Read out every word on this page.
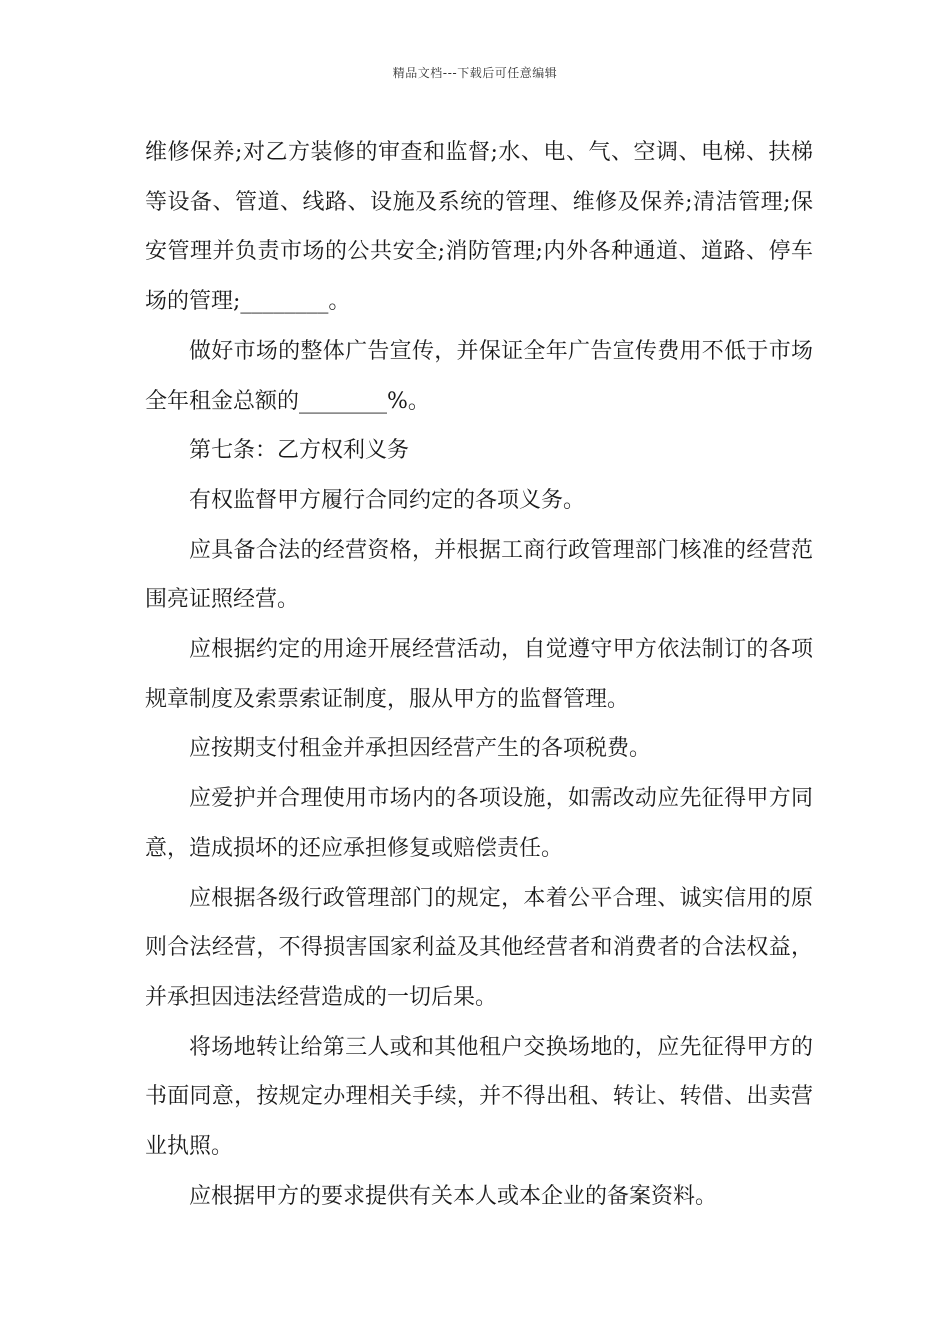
精品文档---下载后可任意编辑

维修保养;对乙方装修的审查和监督;水、电、气、空调、电梯、扶梯等设备、管道、线路、设施及系统的管理、维修及保养;清洁管理;保安管理并负责市场的公共安全;消防管理;内外各种通道、道路、停车场的管理;________。

做好市场的整体广告宣传，并保证全年广告宣传费用不低于市场全年租金总额的________%。

第七条：乙方权利义务

有权监督甲方履行合同约定的各项义务。

应具备合法的经营资格，并根据工商行政管理部门核准的经营范围亮证照经营。

应根据约定的用途开展经营活动，自觉遵守甲方依法制订的各项规章制度及索票索证制度，服从甲方的监督管理。

应按期支付租金并承担因经营产生的各项税费。

应爱护并合理使用市场内的各项设施，如需改动应先征得甲方同意，造成损坏的还应承担修复或赔偿责任。

应根据各级行政管理部门的规定，本着公平合理、诚实信用的原则合法经营，不得损害国家利益及其他经营者和消费者的合法权益，并承担因违法经营造成的一切后果。

将场地转让给第三人或和其他租户交换场地的，应先征得甲方的书面同意，按规定办理相关手续，并不得出租、转让、转借、出卖营业执照。

应根据甲方的要求提供有关本人或本企业的备案资料。
